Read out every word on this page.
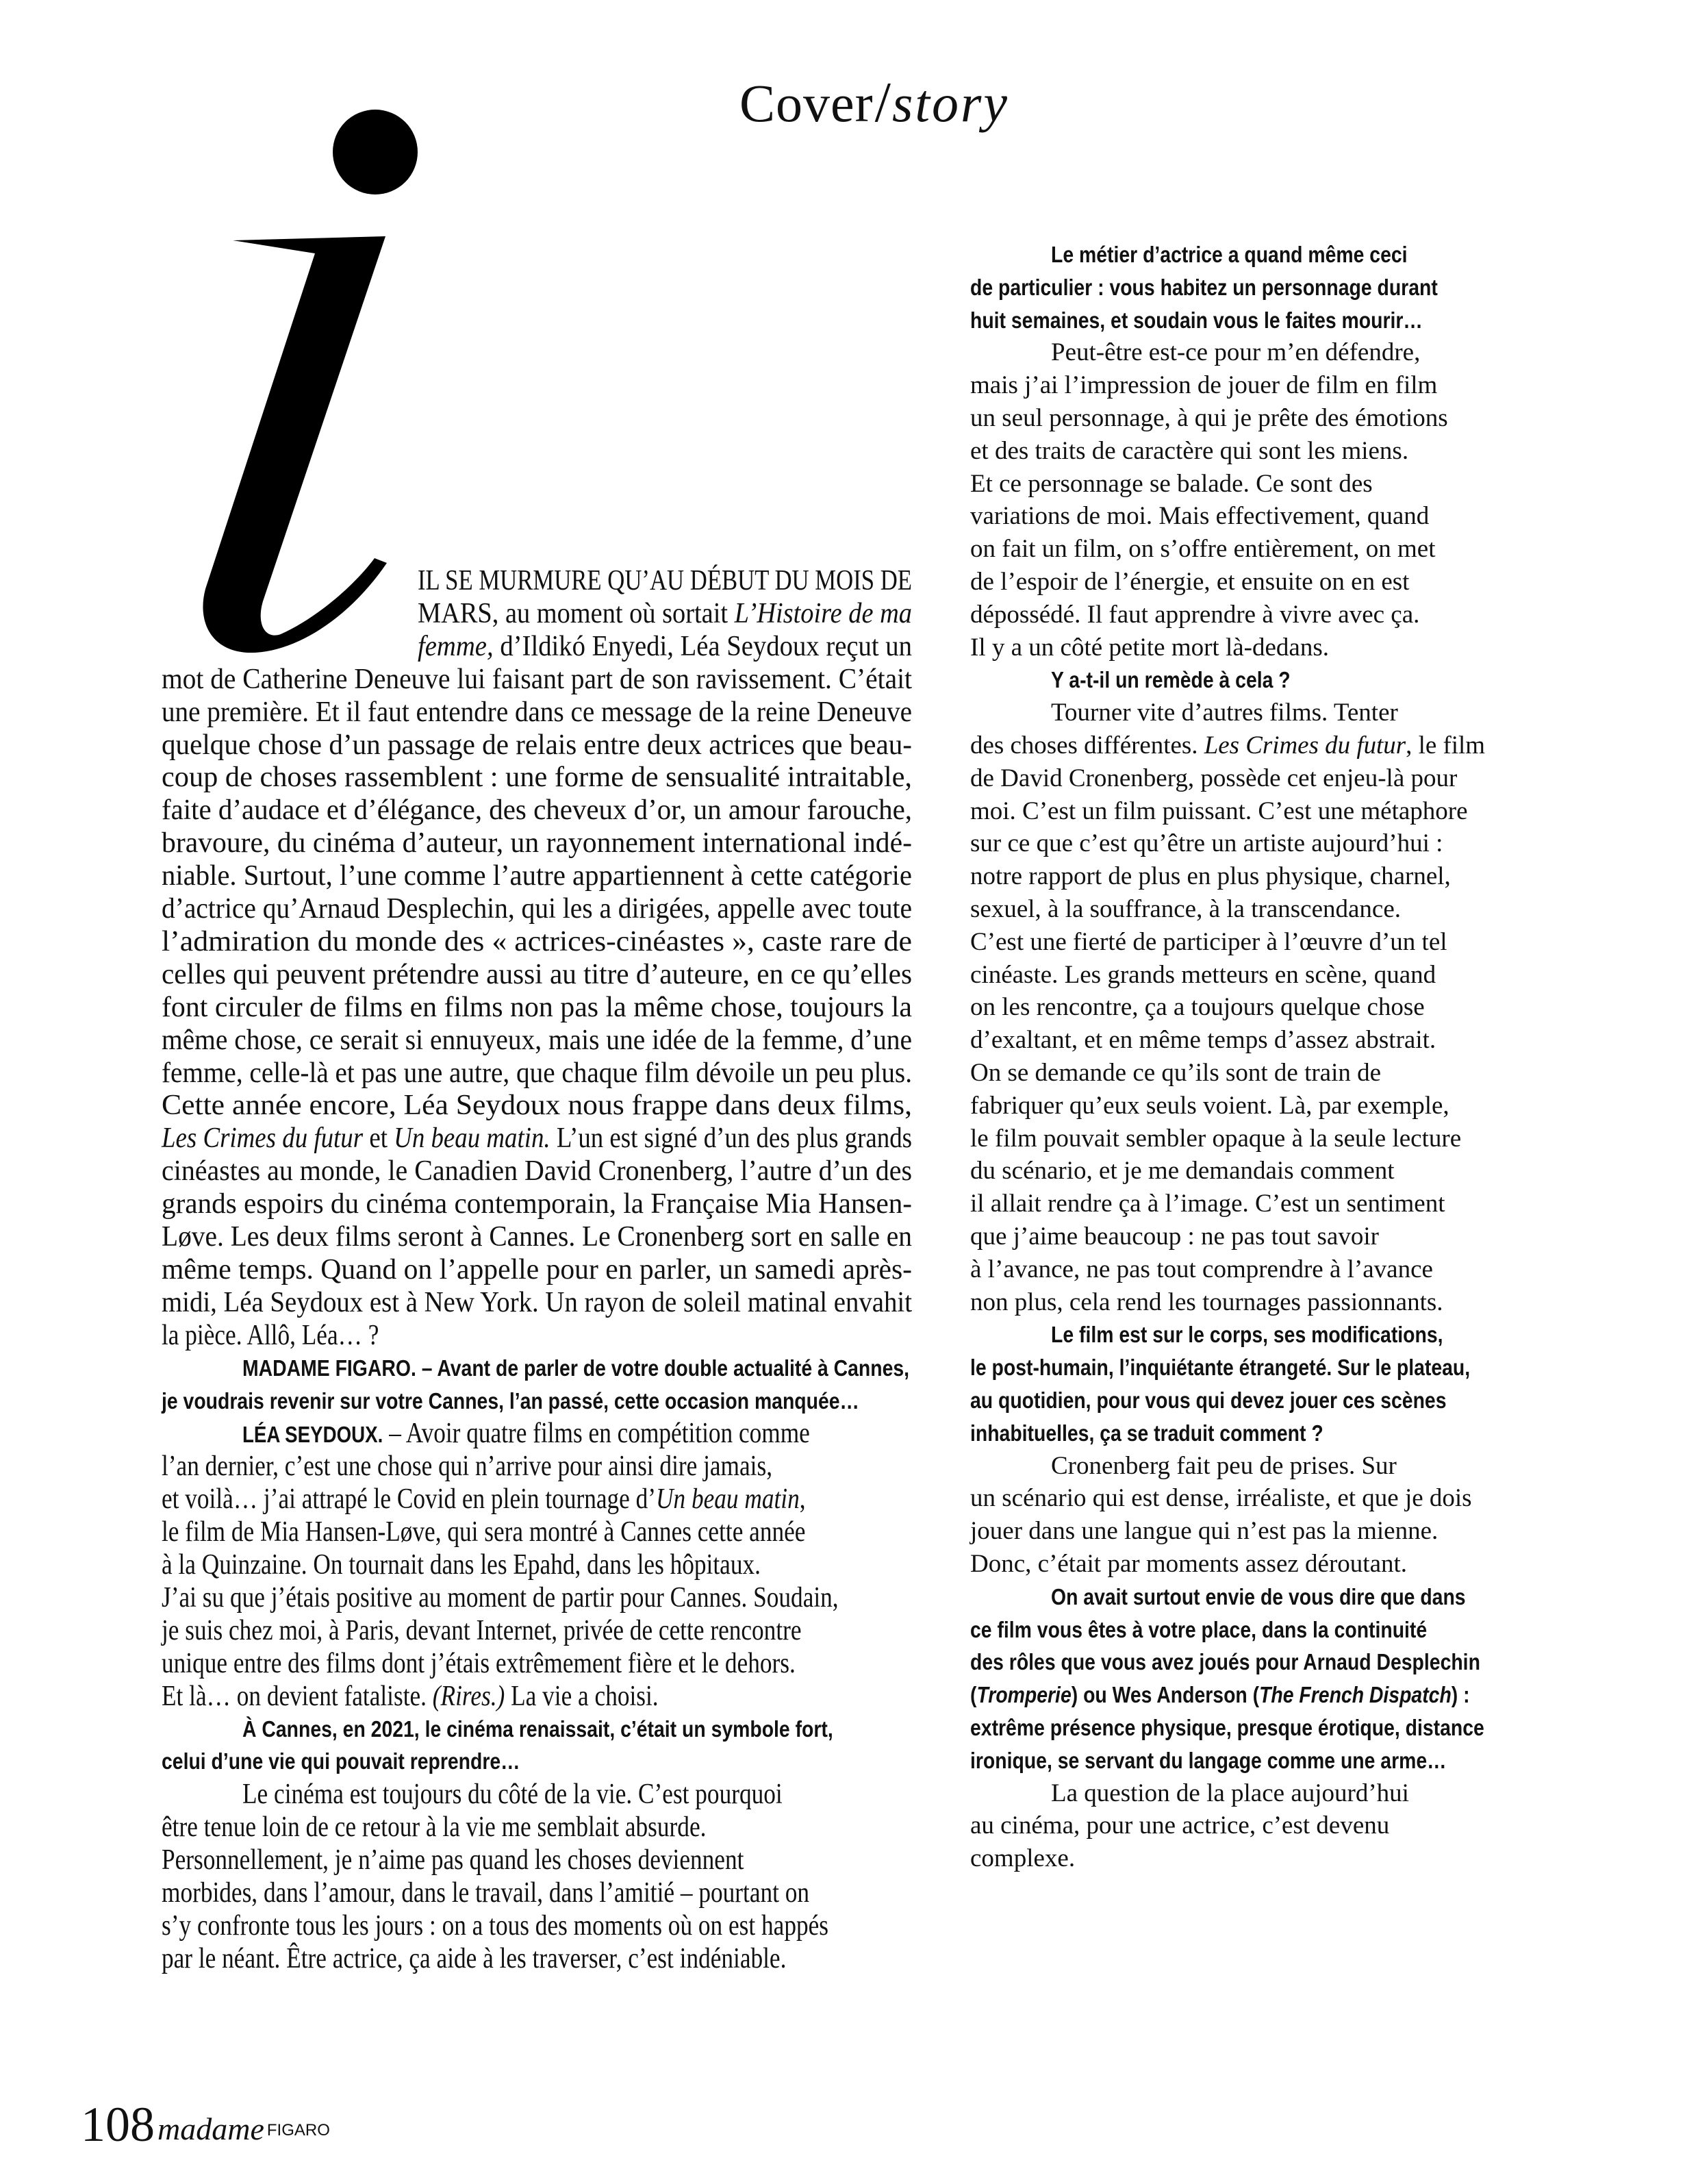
Cover/story
IL SE MURMURE QU’AU DÉBUT DU MOIS DE
MARS, au moment où sortait L’Histoire de ma
femme, d’Ildikó Enyedi, Léa Seydoux reçut un
mot de Catherine Deneuve lui faisant part de son ravissement. C’était
une première. Et il faut entendre dans ce message de la reine Deneuve
quelque chose d’un passage de relais entre deux actrices que beau-
coup de choses rassemblent : une forme de sensualité intraitable,
faite d’audace et d’élégance, des cheveux d’or, un amour farouche,
bravoure, du cinéma d’auteur, un rayonnement international indé-
niable. Surtout, l’une comme l’autre appartiennent à cette catégorie
d’actrice qu’Arnaud Desplechin, qui les a dirigées, appelle avec toute
l’admiration du monde des « actrices-cinéastes », caste rare de
celles qui peuvent prétendre aussi au titre d’auteure, en ce qu’elles
font circuler de films en films non pas la même chose, toujours la
même chose, ce serait si ennuyeux, mais une idée de la femme, d’une
femme, celle-là et pas une autre, que chaque film dévoile un peu plus.
Cette année encore, Léa Seydoux nous frappe dans deux films,
Les Crimes du futur et Un beau matin. L’un est signé d’un des plus grands
cinéastes au monde, le Canadien David Cronenberg, l’autre d’un des
grands espoirs du cinéma contemporain, la Française Mia Hansen-
Løve. Les deux films seront à Cannes. Le Cronenberg sort en salle en
même temps. Quand on l’appelle pour en parler, un samedi après-
midi, Léa Seydoux est à New York. Un rayon de soleil matinal envahit
la pièce. Allô, Léa… ?
MADAME FIGARO. – Avant de parler de votre double actualité à Cannes,
je voudrais revenir sur votre Cannes, l’an passé, cette occasion manquée…
LÉA SEYDOUX. – Avoir quatre films en compétition comme
l’an dernier, c’est une chose qui n’arrive pour ainsi dire jamais,
et voilà… j’ai attrapé le Covid en plein tournage d’Un beau matin,
le film de Mia Hansen-Løve, qui sera montré à Cannes cette année
à la Quinzaine. On tournait dans les Epahd, dans les hôpitaux.
J’ai su que j’étais positive au moment de partir pour Cannes. Soudain,
je suis chez moi, à Paris, devant Internet, privée de cette rencontre
unique entre des films dont j’étais extrêmement fière et le dehors.
Et là… on devient fataliste. (Rires.) La vie a choisi.
À Cannes, en 2021, le cinéma renaissait, c’était un symbole fort,
celui d’une vie qui pouvait reprendre…
Le cinéma est toujours du côté de la vie. C’est pourquoi
être tenue loin de ce retour à la vie me semblait absurde.
Personnellement, je n’aime pas quand les choses deviennent
morbides, dans l’amour, dans le travail, dans l’amitié – pourtant on
s’y confronte tous les jours : on a tous des moments où on est happés
par le néant. Être actrice, ça aide à les traverser, c’est indéniable.
Le métier d’actrice a quand même ceci
de particulier : vous habitez un personnage durant
huit semaines, et soudain vous le faites mourir…
Peut-être est-ce pour m’en défendre,
mais j’ai l’impression de jouer de film en film
un seul personnage, à qui je prête des émotions
et des traits de caractère qui sont les miens.
Et ce personnage se balade. Ce sont des
variations de moi. Mais effectivement, quand
on fait un film, on s’offre entièrement, on met
de l’espoir de l’énergie, et ensuite on en est
dépossédé. Il faut apprendre à vivre avec ça.
Il y a un côté petite mort là-dedans.
Y a-t-il un remède à cela ?
Tourner vite d’autres films. Tenter
des choses différentes. Les Crimes du futur, le film
de David Cronenberg, possède cet enjeu-là pour
moi. C’est un film puissant. C’est une métaphore
sur ce que c’est qu’être un artiste aujourd’hui :
notre rapport de plus en plus physique, charnel,
sexuel, à la souffrance, à la transcendance.
C’est une fierté de participer à l’œuvre d’un tel
cinéaste. Les grands metteurs en scène, quand
on les rencontre, ça a toujours quelque chose
d’exaltant, et en même temps d’assez abstrait.
On se demande ce qu’ils sont de train de
fabriquer qu’eux seuls voient. Là, par exemple,
le film pouvait sembler opaque à la seule lecture
du scénario, et je me demandais comment
il allait rendre ça à l’image. C’est un sentiment
que j’aime beaucoup : ne pas tout savoir
à l’avance, ne pas tout comprendre à l’avance
non plus, cela rend les tournages passionnants.
Le film est sur le corps, ses modifications,
le post-humain, l’inquiétante étrangeté. Sur le plateau,
au quotidien, pour vous qui devez jouer ces scènes
inhabituelles, ça se traduit comment ?
Cronenberg fait peu de prises. Sur
un scénario qui est dense, irréaliste, et que je dois
jouer dans une langue qui n’est pas la mienne.
Donc, c’était par moments assez déroutant.
On avait surtout envie de vous dire que dans
ce film vous êtes à votre place, dans la continuité
des rôles que vous avez joués pour Arnaud Desplechin
(Tromperie) ou Wes Anderson (The French Dispatch) :
extrême présence physique, presque érotique, distance
ironique, se servant du langage comme une arme…
La question de la place aujourd’hui
au cinéma, pour une actrice, c’est devenu
complexe.
108madame FIGARO
